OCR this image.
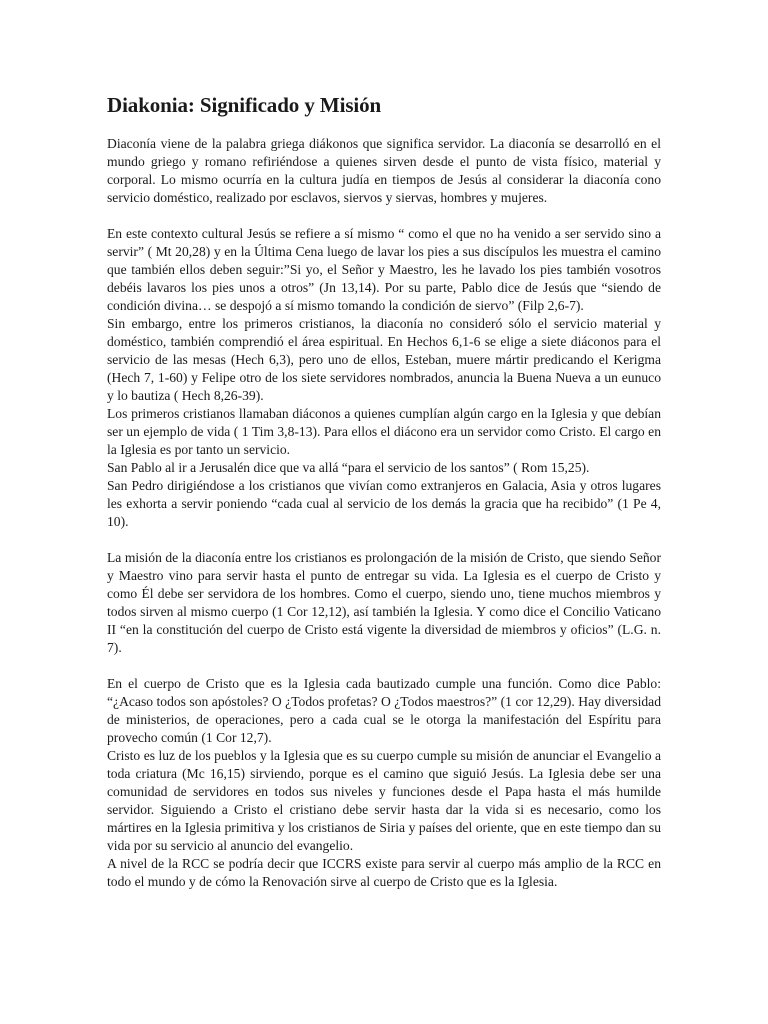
Diakonia: Significado y Misión
Diaconía viene de la palabra griega diákonos que significa servidor. La diaconía se desarrolló en el mundo griego y romano refiriéndose a quienes sirven desde el punto de vista físico, material y corporal. Lo mismo ocurría en la cultura judía en tiempos de Jesús al considerar la diaconía cono servicio doméstico, realizado por esclavos, siervos y siervas, hombres y mujeres.
En este contexto cultural Jesús se refiere a sí mismo “ como el que no ha venido a ser servido sino a servir” ( Mt 20,28) y en la Última Cena luego de lavar los pies a sus discípulos les muestra el camino que también ellos deben seguir:”Si yo, el Señor y Maestro, les he lavado los pies también vosotros debéis lavaros los pies unos a otros” (Jn 13,14). Por su parte, Pablo dice de Jesús que “siendo de condición divina… se despojó a sí mismo tomando la condición de siervo” (Filp 2,6-7).
Sin embargo, entre los primeros cristianos, la diaconía no consideró sólo el servicio material y doméstico, también comprendió el área espiritual. En Hechos 6,1-6 se elige a siete diáconos para el servicio de las mesas (Hech 6,3), pero uno de ellos, Esteban, muere mártir predicando el Kerigma (Hech 7, 1-60) y Felipe otro de los siete servidores nombrados, anuncia la Buena Nueva a un eunuco y lo bautiza ( Hech 8,26-39).
Los primeros cristianos llamaban diáconos a quienes cumplían algún cargo en la Iglesia y que debían ser un ejemplo de vida ( 1 Tim 3,8-13). Para ellos el diácono era un servidor como Cristo. El cargo en la Iglesia es por tanto un servicio.
San Pablo al ir a Jerusalén dice que va allá “para el servicio de los santos” ( Rom 15,25).
San Pedro dirigiéndose a los cristianos que vivían como extranjeros en Galacia, Asia y otros lugares les exhorta a servir poniendo “cada cual al servicio de los demás la gracia que ha recibido” (1 Pe 4, 10).
La misión de la diaconía entre los cristianos es prolongación de la misión de Cristo, que siendo Señor y Maestro vino para servir hasta el punto de entregar su vida. La Iglesia es el cuerpo de Cristo y como Él debe ser servidora de los hombres. Como el cuerpo, siendo uno, tiene muchos miembros y todos sirven al mismo cuerpo (1 Cor 12,12), así también la Iglesia. Y como dice el Concilio Vaticano II “en la constitución del cuerpo de Cristo está vigente la diversidad de miembros y oficios” (L.G. n. 7).
En el cuerpo de Cristo que es la Iglesia cada bautizado cumple una función. Como dice Pablo: “¿Acaso todos son apóstoles? O ¿Todos profetas? O ¿Todos maestros?” (1 cor 12,29). Hay diversidad de ministerios, de operaciones, pero a cada cual se le otorga la manifestación del Espíritu para provecho común (1 Cor 12,7).
Cristo es luz de los pueblos y la Iglesia que es su cuerpo cumple su misión de anunciar el Evangelio a toda criatura (Mc 16,15) sirviendo, porque es el camino que siguió Jesús. La Iglesia debe ser una comunidad de servidores en todos sus niveles y funciones desde el Papa hasta el más humilde servidor. Siguiendo a Cristo el cristiano debe servir hasta dar la vida si es necesario, como los mártires en la Iglesia primitiva y los cristianos de Siria y países del oriente, que en este tiempo dan su vida por su servicio al anuncio del evangelio.
A nivel de la RCC se podría decir que ICCRS existe para servir al cuerpo más amplio de la RCC en todo el mundo y de cómo la Renovación sirve al cuerpo de Cristo que es la Iglesia.
